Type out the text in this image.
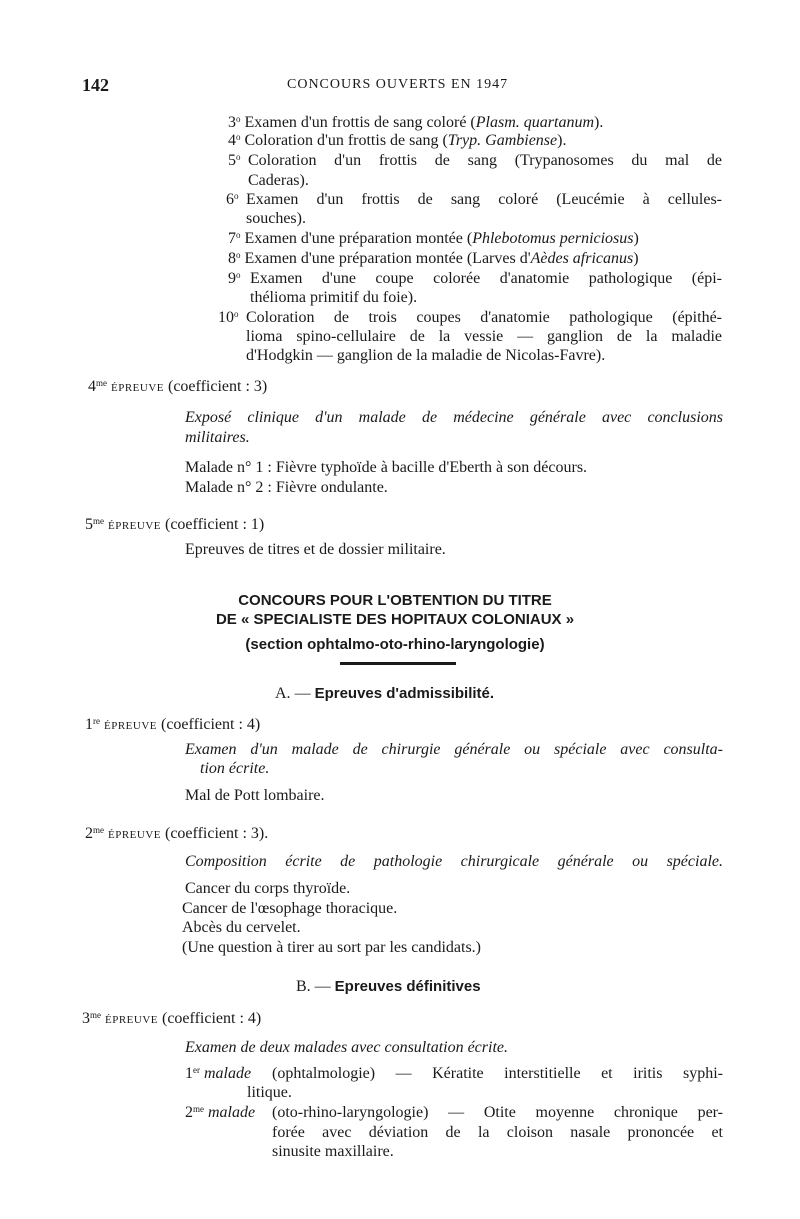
142	CONCOURS OUVERTS EN 1947
3$^o$ Examen d'un frottis de sang coloré (Plasm. quartanum).
4$^o$ Coloration d'un frottis de sang (Tryp. Gambiense).
5$^o$ Coloration d'un frottis de sang (Trypanosomes du mal de
Caderas).
6$^o$ Examen d'un frottis de sang coloré (Leucémie à cellules-
souches).
7$^o$ Examen d'une préparation montée (Phlebotomus perniciosus)
8$^o$ Examen d'une préparation montée (Larves d'Aèdes africanus)
9$^o$ Examen d'une coupe colorée d'anatomie pathologique (épi-
thélioma primitif du foie).
10$^o$ Coloration de trois coupes d'anatomie pathologique (épithé-
lioma spino-cellulaire de la vessie — ganglion de la maladie
d'Hodgkin — ganglion de la maladie de Nicolas-Favre).
$4^{me}$ ÉPREUVE (coefficient : 3)
Exposé clinique d'un malade de médecine générale avec conclusions
militaires.
Malade n° 1 : Fièvre typhoïde à bacille d'Eberth à son décours.
Malade n° 2 : Fièvre ondulante.
$5^{me}$ ÉPREUVE (coefficient : 1)
Epreuves de titres et de dossier militaire.
CONCOURS POUR L'OBTENTION DU TITRE
DE « SPECIALISTE DES HOPITAUX COLONIAUX »
(section ophtalmo-oto-rhino-laryngologie)
A. — Epreuves d'admissibilité.
1re ÉPREUVE (coefficient : 4)
Examen d'un malade de chirurgie générale ou spéciale avec consulta-
tion écrite.
Mal de Pott lombaire.
$2^{me}$ ÉPREUVE (coefficient : 3).
Composition écrite de pathologie chirurgicale générale ou spéciale.
Cancer du corps thyroïde.
Cancer de l'œsophage thoracique.
Abcès du cervelet.
(Une question à tirer au sort par les candidats.)
B. — Epreuves définitives
$3^{me}$ ÉPREUVE (coefficient : 4)
Examen de deux malades avec consultation écrite.
1er malade (ophtalmologie) — Kératite interstitielle et iritis syphi-
litique.
$2^{me}$ malade (oto-rhino-laryngologie) — Otite moyenne chronique per-
forée avec déviation de la cloison nasale prononcée et
sinusite maxillaire.
